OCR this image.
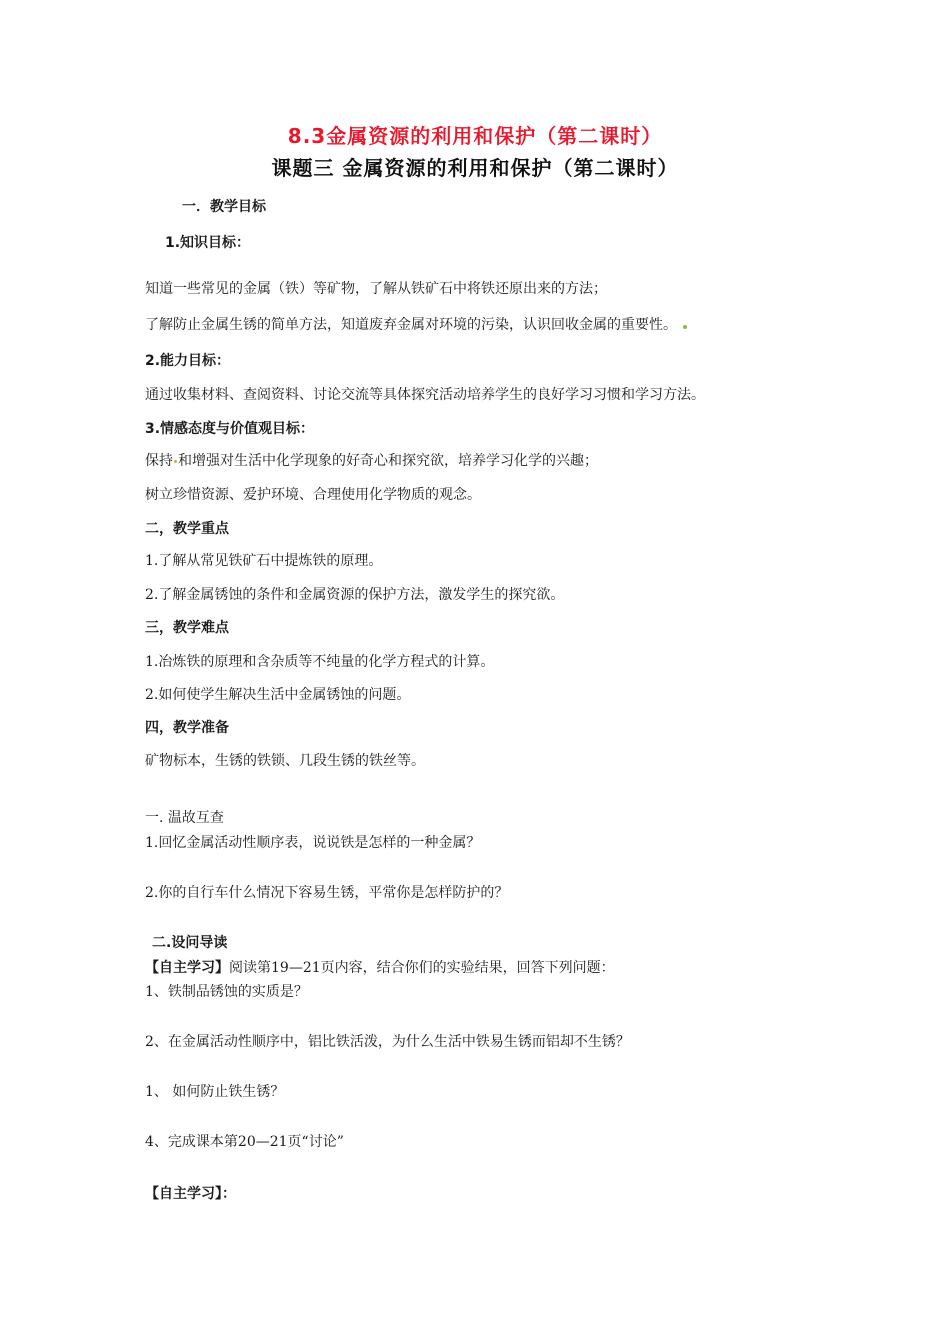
8.3金属资源的利用和保护（第二课时）
课题三 金属资源的利用和保护（第二课时）
一．教学目标
1.知识目标：
知道一些常见的金属（铁）等矿物，了解从铁矿石中将铁还原出来的方法；
了解防止金属生锈的简单方法，知道废弃金属对环境的污染，认识回收金属的重要性。
2.能力目标：
通过收集材料、查阅资料、讨论交流等具体探究活动培养学生的良好学习习惯和学习方法。
3.情感态度与价值观目标：
保持 和增强对生活中化学现象的好奇心和探究欲，培养学习化学的兴趣；
树立珍惜资源、爱护环境、合理使用化学物质的观念。
二，教学重点
1.了解从常见铁矿石中提炼铁的原理。
2.了解金属锈蚀的条件和金属资源的保护方法，激发学生的探究欲。
三，教学难点
1.冶炼铁的原理和含杂质等不纯量的化学方程式的计算。
2.如何使学生解决生活中金属锈蚀的问题。
四，教学准备
矿物标本，生锈的铁锁、几段生锈的铁丝等。
一. 温故互查
1.回忆金属活动性顺序表，说说铁是怎样的一种金属？
2.你的自行车什么情况下容易生锈，平常你是怎样防护的？
二.设问导读
【自主学习】阅读第19—21页内容，结合你们的实验结果，回答下列问题：
1、铁制品锈蚀的实质是？
2、在金属活动性顺序中，铝比铁活泼，为什么生活中铁易生锈而铝却不生锈？
1、 如何防止铁生锈？
4、完成课本第20—21页“讨论”
【自主学习】：
